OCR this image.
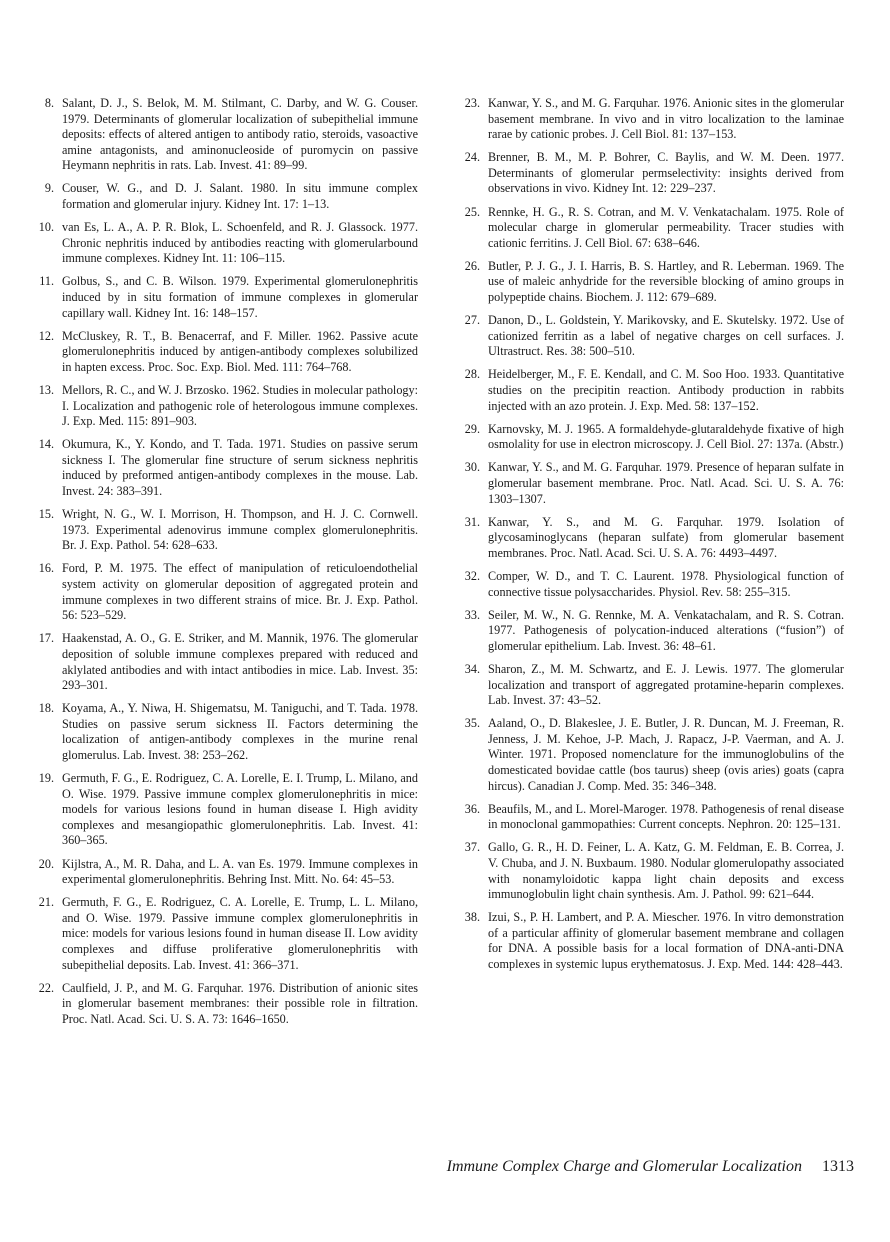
8. Salant, D. J., S. Belok, M. M. Stilmant, C. Darby, and W. G. Couser. 1979. Determinants of glomerular localization of subepithelial immune deposits: effects of altered antigen to antibody ratio, steroids, vasoactive amine antagonists, and aminonucleoside of puromycin on passive Heymann nephritis in rats. Lab. Invest. 41: 89–99.
9. Couser, W. G., and D. J. Salant. 1980. In situ immune complex formation and glomerular injury. Kidney Int. 17: 1–13.
10. van Es, L. A., A. P. R. Blok, L. Schoenfeld, and R. J. Glassock. 1977. Chronic nephritis induced by antibodies reacting with glomerularbound immune complexes. Kidney Int. 11: 106–115.
11. Golbus, S., and C. B. Wilson. 1979. Experimental glomerulonephritis induced by in situ formation of immune complexes in glomerular capillary wall. Kidney Int. 16: 148–157.
12. McCluskey, R. T., B. Benacerraf, and F. Miller. 1962. Passive acute glomerulonephritis induced by antigen-antibody complexes solubilized in hapten excess. Proc. Soc. Exp. Biol. Med. 111: 764–768.
13. Mellors, R. C., and W. J. Brzosko. 1962. Studies in molecular pathology: I. Localization and pathogenic role of heterologous immune complexes. J. Exp. Med. 115: 891–903.
14. Okumura, K., Y. Kondo, and T. Tada. 1971. Studies on passive serum sickness I. The glomerular fine structure of serum sickness nephritis induced by preformed antigen-antibody complexes in the mouse. Lab. Invest. 24: 383–391.
15. Wright, N. G., W. I. Morrison, H. Thompson, and H. J. C. Cornwell. 1973. Experimental adenovirus immune complex glomerulonephritis. Br. J. Exp. Pathol. 54: 628–633.
16. Ford, P. M. 1975. The effect of manipulation of reticuloendothelial system activity on glomerular deposition of aggregated protein and immune complexes in two different strains of mice. Br. J. Exp. Pathol. 56: 523–529.
17. Haakenstad, A. O., G. E. Striker, and M. Mannik, 1976. The glomerular deposition of soluble immune complexes prepared with reduced and aklylated antibodies and with intact antibodies in mice. Lab. Invest. 35: 293–301.
18. Koyama, A., Y. Niwa, H. Shigematsu, M. Taniguchi, and T. Tada. 1978. Studies on passive serum sickness II. Factors determining the localization of antigen-antibody complexes in the murine renal glomerulus. Lab. Invest. 38: 253–262.
19. Germuth, F. G., E. Rodriguez, C. A. Lorelle, E. I. Trump, L. Milano, and O. Wise. 1979. Passive immune complex glomerulonephritis in mice: models for various lesions found in human disease I. High avidity complexes and mesangiopathic glomerulonephritis. Lab. Invest. 41: 360–365.
20. Kijlstra, A., M. R. Daha, and L. A. van Es. 1979. Immune complexes in experimental glomerulonephritis. Behring Inst. Mitt. No. 64: 45–53.
21. Germuth, F. G., E. Rodriguez, C. A. Lorelle, E. Trump, L. L. Milano, and O. Wise. 1979. Passive immune complex glomerulonephritis in mice: models for various lesions found in human disease II. Low avidity complexes and diffuse proliferative glomerulonephritis with subepithelial deposits. Lab. Invest. 41: 366–371.
22. Caulfield, J. P., and M. G. Farquhar. 1976. Distribution of anionic sites in glomerular basement membranes: their possible role in filtration. Proc. Natl. Acad. Sci. U. S. A. 73: 1646–1650.
23. Kanwar, Y. S., and M. G. Farquhar. 1976. Anionic sites in the glomerular basement membrane. In vivo and in vitro localization to the laminae rarae by cationic probes. J. Cell Biol. 81: 137–153.
24. Brenner, B. M., M. P. Bohrer, C. Baylis, and W. M. Deen. 1977. Determinants of glomerular permselectivity: insights derived from observations in vivo. Kidney Int. 12: 229–237.
25. Rennke, H. G., R. S. Cotran, and M. V. Venkatachalam. 1975. Role of molecular charge in glomerular permeability. Tracer studies with cationic ferritins. J. Cell Biol. 67: 638–646.
26. Butler, P. J. G., J. I. Harris, B. S. Hartley, and R. Leberman. 1969. The use of maleic anhydride for the reversible blocking of amino groups in polypeptide chains. Biochem. J. 112: 679–689.
27. Danon, D., L. Goldstein, Y. Marikovsky, and E. Skutelsky. 1972. Use of cationized ferritin as a label of negative charges on cell surfaces. J. Ultrastruct. Res. 38: 500–510.
28. Heidelberger, M., F. E. Kendall, and C. M. Soo Hoo. 1933. Quantitative studies on the precipitin reaction. Antibody production in rabbits injected with an azo protein. J. Exp. Med. 58: 137–152.
29. Karnovsky, M. J. 1965. A formaldehyde-glutaraldehyde fixative of high osmolality for use in electron microscopy. J. Cell Biol. 27: 137a. (Abstr.)
30. Kanwar, Y. S., and M. G. Farquhar. 1979. Presence of heparan sulfate in glomerular basement membrane. Proc. Natl. Acad. Sci. U. S. A. 76: 1303–1307.
31. Kanwar, Y. S., and M. G. Farquhar. 1979. Isolation of glycosaminoglycans (heparan sulfate) from glomerular basement membranes. Proc. Natl. Acad. Sci. U. S. A. 76: 4493–4497.
32. Comper, W. D., and T. C. Laurent. 1978. Physiological function of connective tissue polysaccharides. Physiol. Rev. 58: 255–315.
33. Seiler, M. W., N. G. Rennke, M. A. Venkatachalam, and R. S. Cotran. 1977. Pathogenesis of polycation-induced alterations (“fusion”) of glomerular epithelium. Lab. Invest. 36: 48–61.
34. Sharon, Z., M. M. Schwartz, and E. J. Lewis. 1977. The glomerular localization and transport of aggregated protamine-heparin complexes. Lab. Invest. 37: 43–52.
35. Aaland, O., D. Blakeslee, J. E. Butler, J. R. Duncan, M. J. Freeman, R. Jenness, J. M. Kehoe, J-P. Mach, J. Rapacz, J-P. Vaerman, and A. J. Winter. 1971. Proposed nomenclature for the immunoglobulins of the domesticated bovidae cattle (bos taurus) sheep (ovis aries) goats (capra hircus). Canadian J. Comp. Med. 35: 346–348.
36. Beaufils, M., and L. Morel-Maroger. 1978. Pathogenesis of renal disease in monoclonal gammopathies: Current concepts. Nephron. 20: 125–131.
37. Gallo, G. R., H. D. Feiner, L. A. Katz, G. M. Feldman, E. B. Correa, J. V. Chuba, and J. N. Buxbaum. 1980. Nodular glomerulopathy associated with nonamyloidotic kappa light chain deposits and excess immunoglobulin light chain synthesis. Am. J. Pathol. 99: 621–644.
38. Izui, S., P. H. Lambert, and P. A. Miescher. 1976. In vitro demonstration of a particular affinity of glomerular basement membrane and collagen for DNA. A possible basis for a local formation of DNA-anti-DNA complexes in systemic lupus erythematosus. J. Exp. Med. 144: 428–443.
Immune Complex Charge and Glomerular Localization 1313
